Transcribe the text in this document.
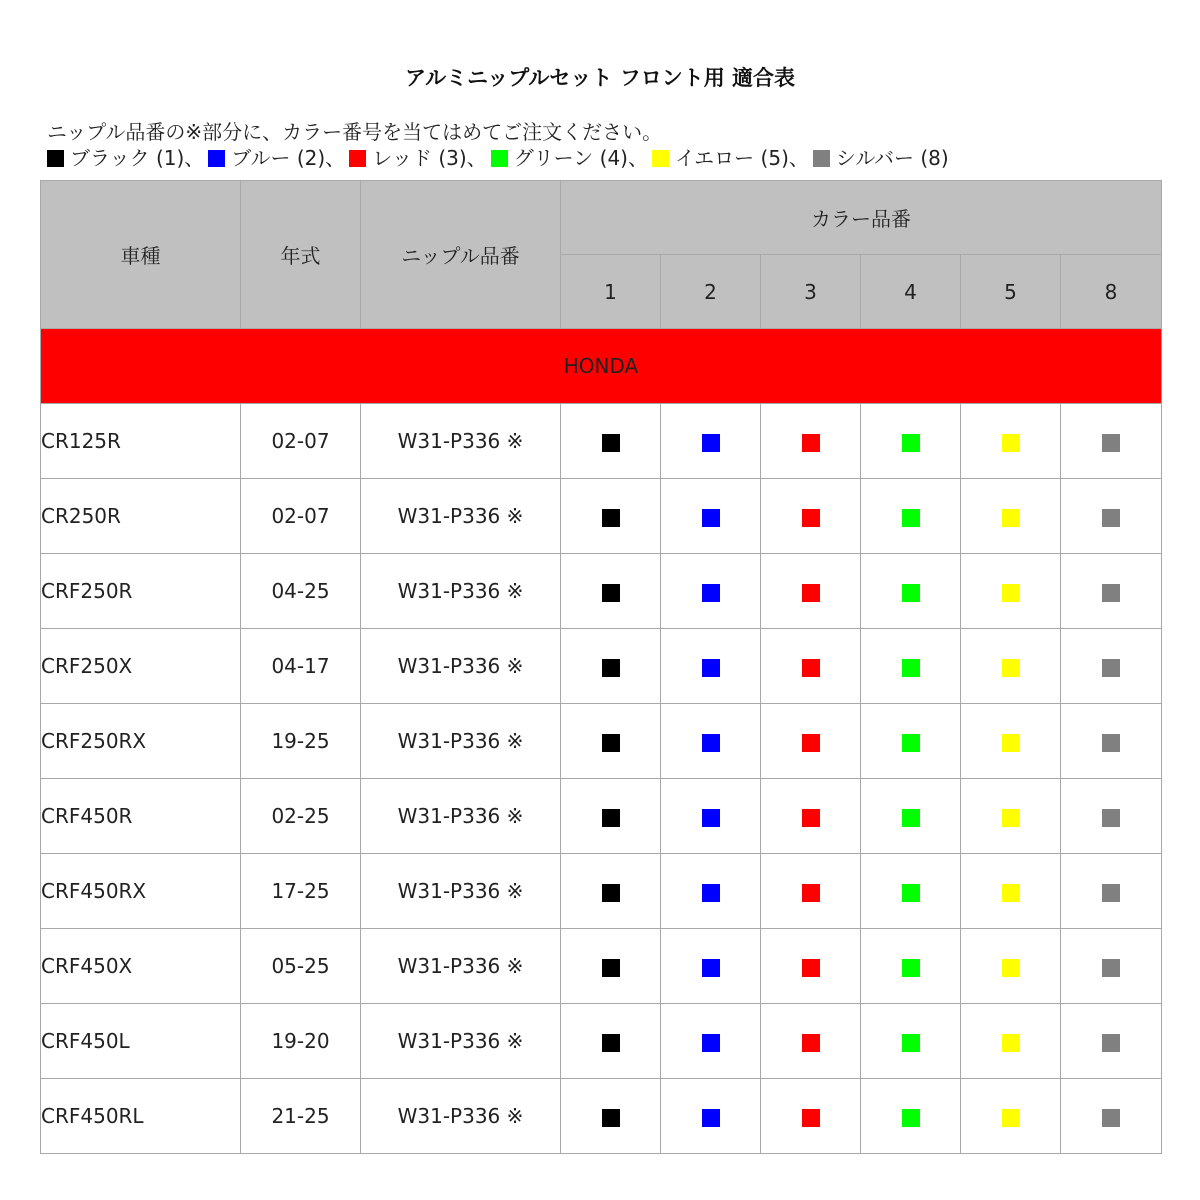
アルミニップルセット フロント用 適合表
ニップル品番の※部分に、カラー番号を当てはめてご注文ください。
ブラック (1)、 ブルー (2)、 レッド (3)、 グリーン (4)、 イエロー (5)、 シルバー (8)
車種	年式	ニップル品番	カラー品番					
			1	2	3	4	5	8
HONDA								
CR125R	02-07	W31-P336 ※						
CR250R	02-07	W31-P336 ※						
CRF250R	04-25	W31-P336 ※						
CRF250X	04-17	W31-P336 ※						
CRF250RX	19-25	W31-P336 ※						
CRF450R	02-25	W31-P336 ※						
CRF450RX	17-25	W31-P336 ※						
CRF450X	05-25	W31-P336 ※						
CRF450L	19-20	W31-P336 ※						
CRF450RL	21-25	W31-P336 ※						
